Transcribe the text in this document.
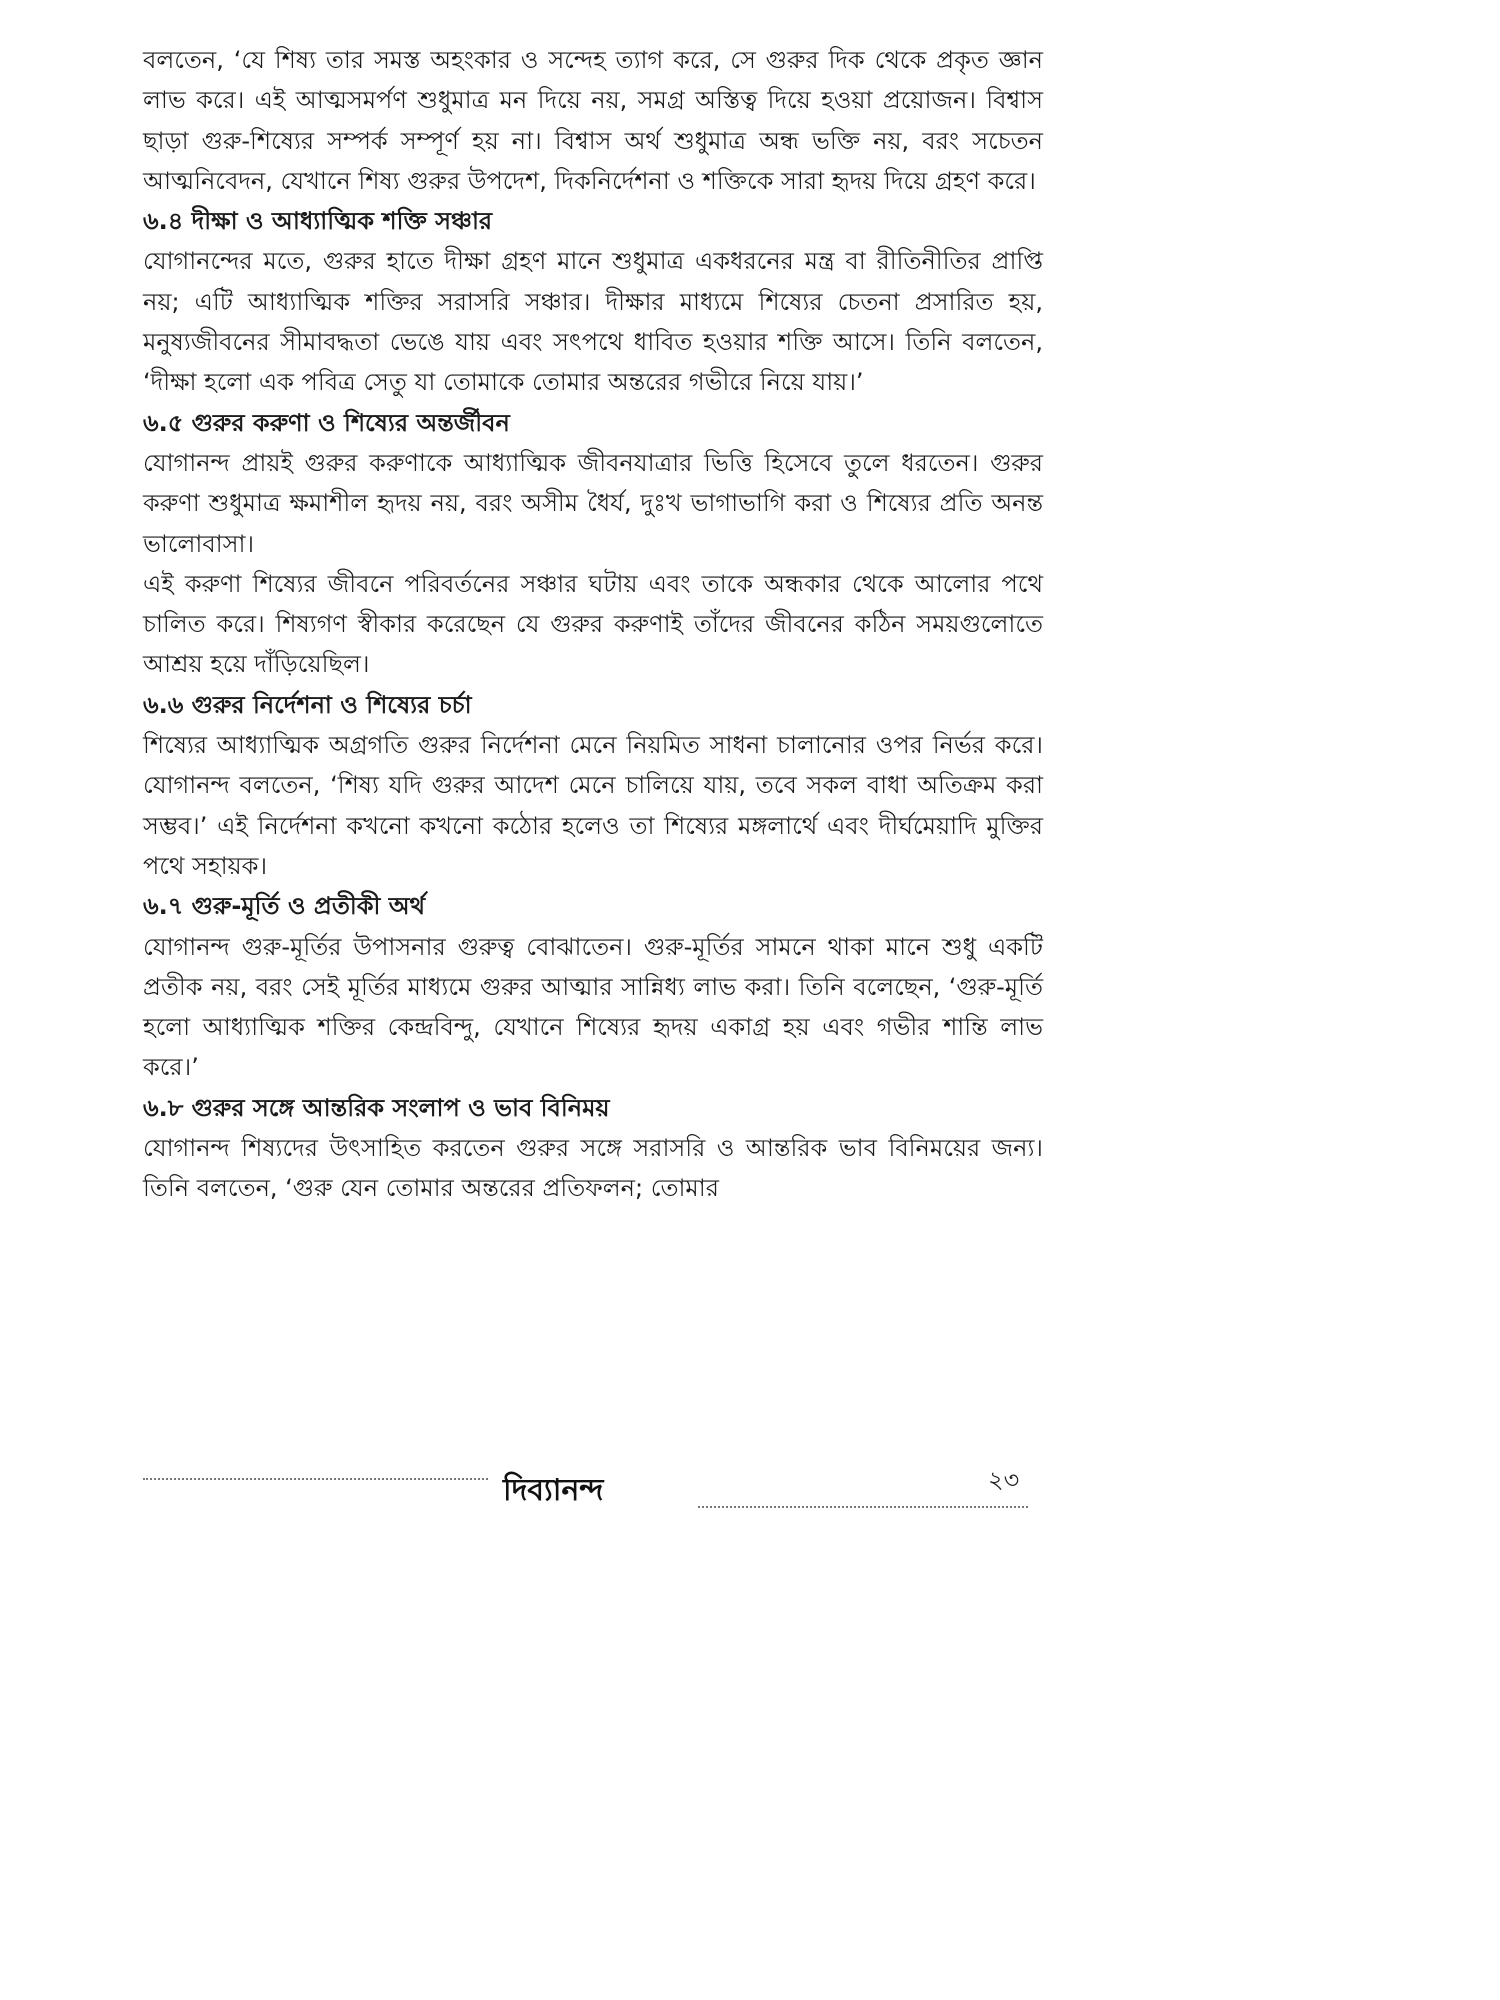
বলতেন, ‘যে শিষ্য তার সমস্ত অহংকার ও সন্দেহ ত্যাগ করে, সে গুরুর দিক থেকে প্রকৃত জ্ঞান লাভ করে। এই আত্মসমর্পণ শুধুমাত্র মন দিয়ে নয়, সমগ্র অস্তিত্ব দিয়ে হওয়া প্রয়োজন। বিশ্বাস ছাড়া গুরু-শিষ্যের সম্পর্ক সম্পূর্ণ হয় না। বিশ্বাস অর্থ শুধুমাত্র অন্ধ ভক্তি নয়, বরং সচেতন আত্মনিবেদন, যেখানে শিষ্য গুরুর উপদেশ, দিকনির্দেশনা ও শক্তিকে সারা হৃদয় দিয়ে গ্রহণ করে।

৬.৪ দীক্ষা ও আধ্যাত্মিক শক্তি সঞ্চার

যোগানন্দের মতে, গুরুর হাতে দীক্ষা গ্রহণ মানে শুধুমাত্র একধরনের মন্ত্র বা রীতিনীতির প্রাপ্তি নয়; এটি আধ্যাত্মিক শক্তির সরাসরি সঞ্চার। দীক্ষার মাধ্যমে শিষ্যের চেতনা প্রসারিত হয়, মনুষ্যজীবনের সীমাবদ্ধতা ভেঙে যায় এবং সৎপথে ধাবিত হওয়ার শক্তি আসে। তিনি বলতেন, ‘দীক্ষা হলো এক পবিত্র সেতু যা তোমাকে তোমার অন্তরের গভীরে নিয়ে যায়।’

৬.৫ গুরুর করুণা ও শিষ্যের অন্তর্জীবন

যোগানন্দ প্রায়ই গুরুর করুণাকে আধ্যাত্মিক জীবনযাত্রার ভিত্তি হিসেবে তুলে ধরতেন। গুরুর করুণা শুধুমাত্র ক্ষমাশীল হৃদয় নয়, বরং অসীম ধৈর্য, দুঃখ ভাগাভাগি করা ও শিষ্যের প্রতি অনন্ত ভালোবাসা।

এই করুণা শিষ্যের জীবনে পরিবর্তনের সঞ্চার ঘটায় এবং তাকে অন্ধকার থেকে আলোর পথে চালিত করে। শিষ্যগণ স্বীকার করেছেন যে গুরুর করুণাই তাঁদের জীবনের কঠিন সময়গুলোতে আশ্রয় হয়ে দাঁড়িয়েছিল।

৬.৬ গুরুর নির্দেশনা ও শিষ্যের চর্চা

শিষ্যের আধ্যাত্মিক অগ্রগতি গুরুর নির্দেশনা মেনে নিয়মিত সাধনা চালানোর ওপর নির্ভর করে। যোগানন্দ বলতেন, ‘শিষ্য যদি গুরুর আদেশ মেনে চালিয়ে যায়, তবে সকল বাধা অতিক্রম করা সম্ভব।’ এই নির্দেশনা কখনো কখনো কঠোর হলেও তা শিষ্যের মঙ্গলার্থে এবং দীর্ঘমেয়াদি মুক্তির পথে সহায়ক।

৬.৭ গুরু-মূর্তি ও প্রতীকী অর্থ

যোগানন্দ গুরু-মূর্তির উপাসনার গুরুত্ব বোঝাতেন। গুরু-মূর্তির সামনে থাকা মানে শুধু একটি প্রতীক নয়, বরং সেই মূর্তির মাধ্যমে গুরুর আত্মার সান্নিধ্য লাভ করা। তিনি বলেছেন, ‘গুরু-মূর্তি হলো আধ্যাত্মিক শক্তির কেন্দ্রবিন্দু, যেখানে শিষ্যের হৃদয় একাগ্র হয় এবং গভীর শান্তি লাভ করে।’

৬.৮ গুরুর সঙ্গে আন্তরিক সংলাপ ও ভাব বিনিময়

যোগানন্দ শিষ্যদের উৎসাহিত করতেন গুরুর সঙ্গে সরাসরি ও আন্তরিক ভাব বিনিময়ের জন্য। তিনি বলতেন, ‘গুরু যেন তোমার অন্তরের প্রতিফলন; তোমার

দিব্যানন্দ	২৩
